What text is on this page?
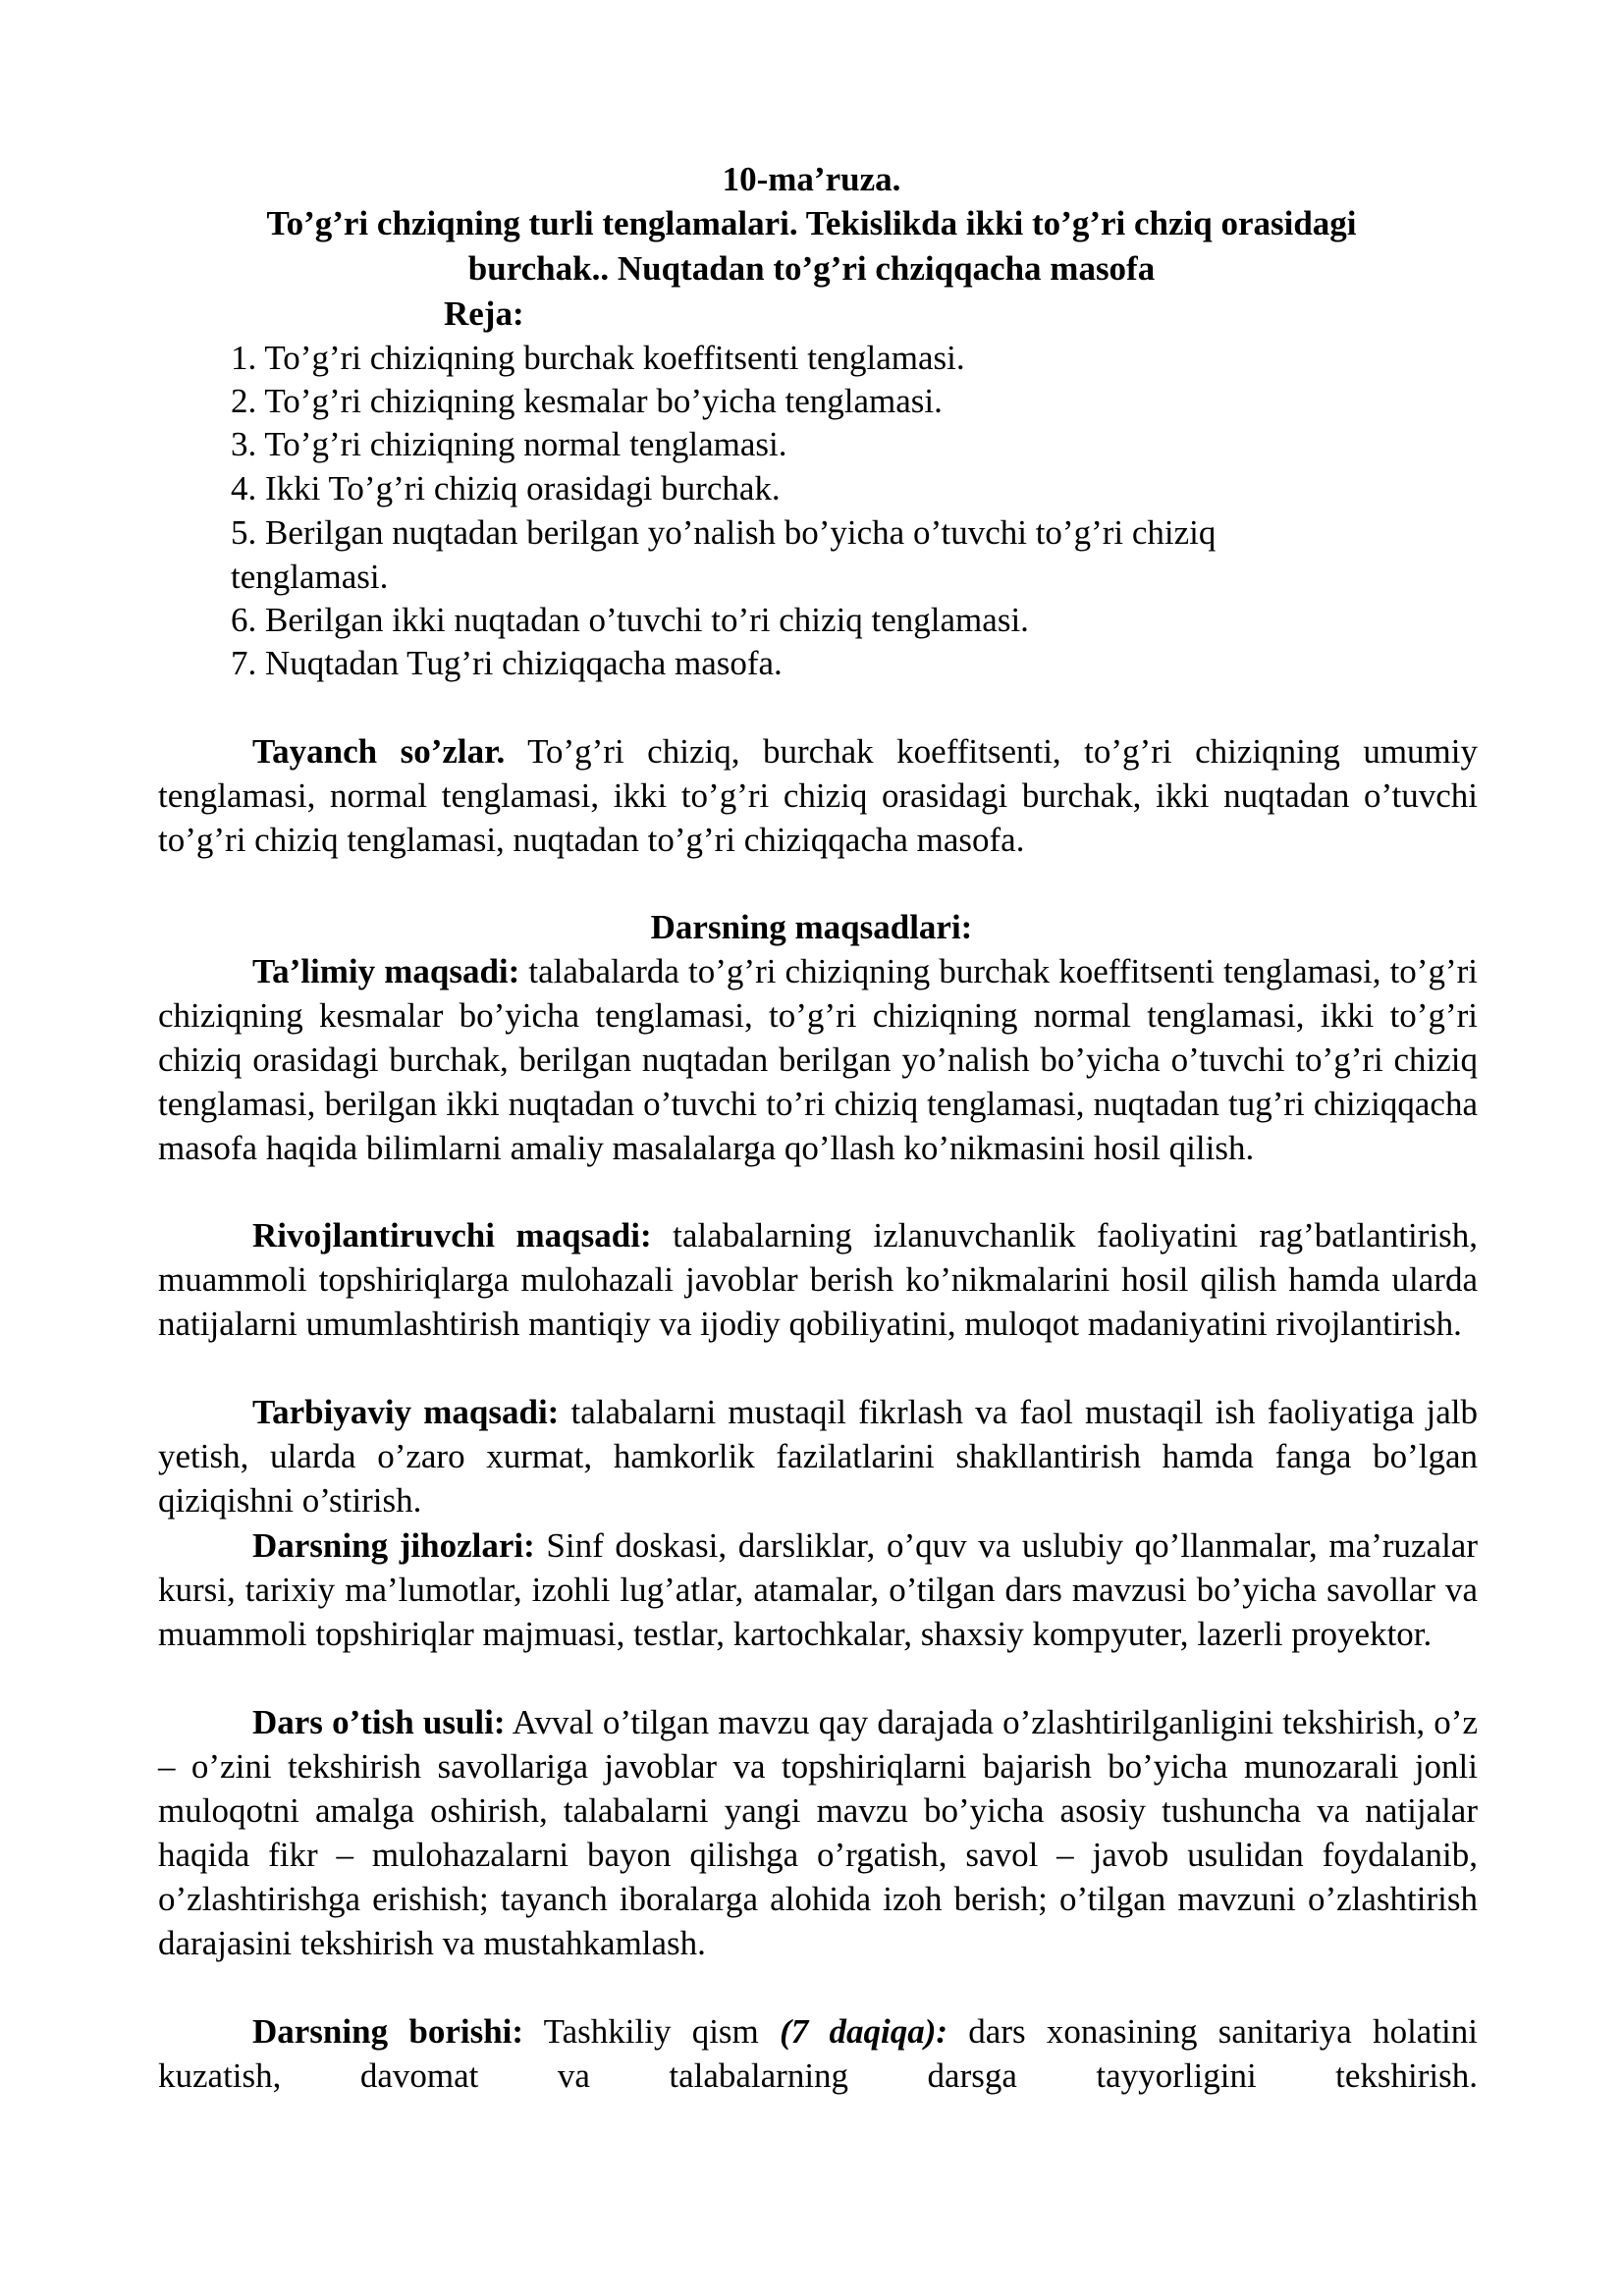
10-ma’ruza.
To’g’ri chziqning turli tenglamalari. Tekislikda ikki to’g’ri chziq orasidagi
burchak.. Nuqtadan to’g’ri chziqqacha masofa
Reja:
1. To’g’ri chiziqning burchak koeffitsenti tenglamasi.
2. To’g’ri chiziqning kesmalar bo’yicha tenglamasi.
3. To’g’ri chiziqning normal tenglamasi.
4. Ikki To’g’ri chiziq orasidagi burchak.
5. Berilgan nuqtadan berilgan yo’nalish bo’yicha o’tuvchi to’g’ri chiziq
tenglamasi.
6. Berilgan ikki nuqtadan o’tuvchi to’ri chiziq tenglamasi.
7. Nuqtadan Tug’ri chiziqqacha masofa.
Tayanch so’zlar. To’g’ri chiziq, burchak koeffitsenti, to’g’ri chiziqning umumiy tenglamasi, normal tenglamasi, ikki to’g’ri chiziq orasidagi burchak, ikki nuqtadan o’tuvchi to’g’ri chiziq tenglamasi, nuqtadan to’g’ri chiziqqacha masofa.
Darsning maqsadlari:
Ta’limiy maqsadi: talabalarda to’g’ri chiziqning burchak koeffitsenti tenglamasi, to’g’ri chiziqning kesmalar bo’yicha tenglamasi, to’g’ri chiziqning normal tenglamasi, ikki to’g’ri chiziq orasidagi burchak, berilgan nuqtadan berilgan yo’nalish bo’yicha o’tuvchi to’g’ri chiziq tenglamasi, berilgan ikki nuqtadan o’tuvchi to’ri chiziq tenglamasi, nuqtadan tug’ri chiziqqacha masofa haqida bilimlarni amaliy masalalarga qo’llash ko’nikmasini hosil qilish.
Rivojlantiruvchi maqsadi: talabalarning izlanuvchanlik faoliyatini rag’batlantirish, muammoli topshiriqlarga mulohazali javoblar berish ko’nikmalarini hosil qilish hamda ularda natijalarni umumlashtirish mantiqiy va ijodiy qobiliyatini, muloqot madaniyatini rivojlantirish.
Tarbiyaviy maqsadi: talabalarni mustaqil fikrlash va faol mustaqil ish faoliyatiga jalb yetish, ularda o’zaro xurmat, hamkorlik fazilatlarini shakllantirish hamda fanga bo’lgan qiziqishni o’stirish.
Darsning jihozlari: Sinf doskasi, darsliklar, o’quv va uslubiy qo’llanmalar, ma’ruzalar kursi, tarixiy ma’lumotlar, izohli lug’atlar, atamalar, o’tilgan dars mavzusi bo’yicha savollar va muammoli topshiriqlar majmuasi, testlar, kartochkalar, shaxsiy kompyuter, lazerli proyektor.
Dars o’tish usuli: Avval o’tilgan mavzu qay darajada o’zlashtirilganligini tekshirish, o’z – o’zini tekshirish savollariga javoblar va topshiriqlarni bajarish bo’yicha munozarali jonli muloqotni amalga oshirish, talabalarni yangi mavzu bo’yicha asosiy tushuncha va natijalar haqida fikr – mulohazalarni bayon qilishga o’rgatish, savol – javob usulidan foydalanib, o’zlashtirishga erishish; tayanch iboralarga alohida izoh berish; o’tilgan mavzuni o’zlashtirish darajasini tekshirish va mustahkamlash.
Darsning borishi: Tashkiliy qism (7 daqiqa): dars xonasining sanitariya holatini kuzatish, davomat va talabalarning darsga tayyorligini tekshirish.
